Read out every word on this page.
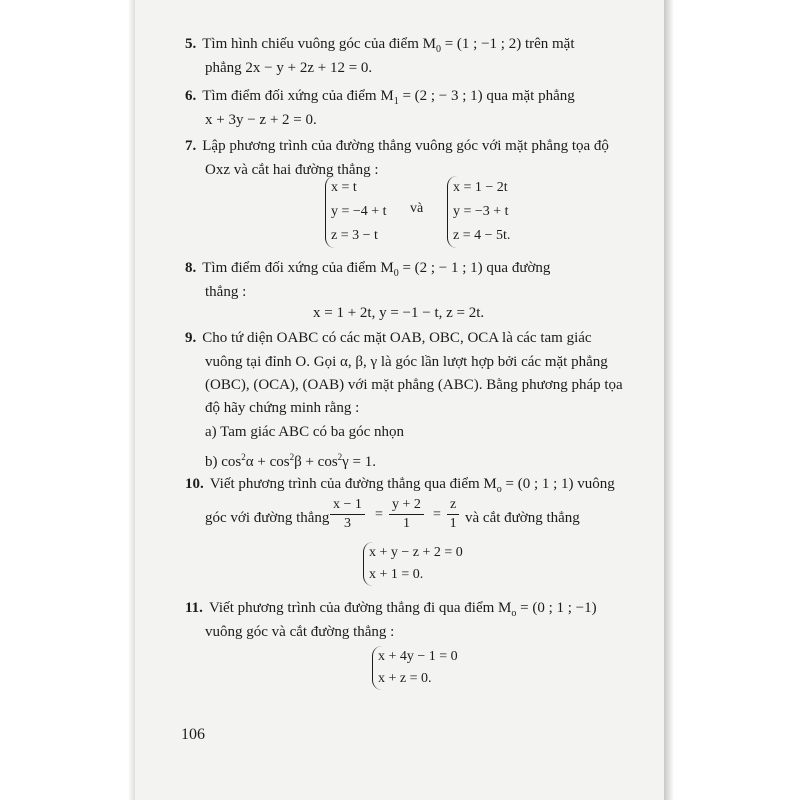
5. Tìm hình chiếu vuông góc của điểm $M_0 = (1$ ; −1 ; 2) trên mặt
phẳng 2x − y + 2z + 12 = 0.
6. Tìm điểm đối xứng của điểm $M_1 = (2$ ; − 3 ; 1) qua mặt phẳng
x + 3y − z + 2 = 0.
7. Lập phương trình của đường thẳng vuông góc với mặt phẳng tọa độ
Oxz và cắt hai đường thẳng :
x = t
y = −4 + t
z = 3 − t
và
x = 1 − 2t
y = −3 + t
z = 4 − 5t.
8. Tìm điểm đối xứng của điểm $M_0 = (2$ ; − 1 ; 1) qua đường
thẳng :
x = 1 + 2t, y = −1 − t, z = 2t.
9. Cho tứ diện OABC có các mặt OAB, OBC, OCA là các tam giác
vuông tại đỉnh O. Gọi α, β, γ là góc lần lượt hợp bởi các mặt phẳng
(OBC), (OCA), (OAB) với mặt phẳng (ABC). Bằng phương pháp tọa
độ hãy chứng minh rằng :
a) Tam giác ABC có ba góc nhọn
b) $\cos^2\alpha + \cos^2\beta + \cos^2\gamma = 1$.
10. Viết phương trình của đường thẳng qua điểm $M_o = (0$ ; 1 ; 1) vuông
góc với đường thẳng $\frac{x - 1}{3} = \frac{y + 2}{1} = \frac{z}{1}$ và cắt đường thẳng
x + y − z + 2 = 0
x + 1 = 0.
11. Viết phương trình của đường thẳng đi qua điểm $M_o = (0$ ; 1 ; −1)
vuông góc và cắt đường thẳng :
x + 4y − 1 = 0
x + z = 0.
106
